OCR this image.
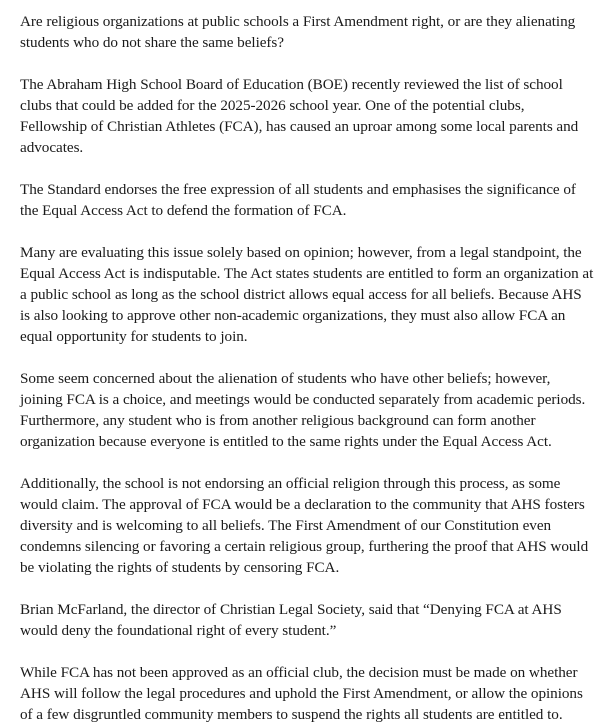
Are religious organizations at public schools a First Amendment right, or are they alienating students who do not share the same beliefs?

The Abraham High School Board of Education (BOE) recently reviewed the list of school clubs that could be added for the 2025-2026 school year. One of the potential clubs, Fellowship of Christian Athletes (FCA), has caused an uproar among some local parents and advocates.

The Standard endorses the free expression of all students and emphasises the significance of the Equal Access Act to defend the formation of FCA.

Many are evaluating this issue solely based on opinion; however, from a legal standpoint, the Equal Access Act is indisputable. The Act states students are entitled to form an organization at a public school as long as the school district allows equal access for all beliefs. Because AHS is also looking to approve other non-academic organizations, they must also allow FCA an equal opportunity for students to join.

Some seem concerned about the alienation of students who have other beliefs; however, joining FCA is a choice, and meetings would be conducted separately from academic periods. Furthermore, any student who is from another religious background can form another organization because everyone is entitled to the same rights under the Equal Access Act.

Additionally, the school is not endorsing an official religion through this process, as some would claim. The approval of FCA would be a declaration to the community that AHS fosters diversity and is welcoming to all beliefs. The First Amendment of our Constitution even condemns silencing or favoring a certain religious group, furthering the proof that AHS would be violating the rights of students by censoring FCA.

Brian McFarland, the director of Christian Legal Society, said that “Denying FCA at AHS would deny the foundational right of every student.”

While FCA has not been approved as an official club, the decision must be made on whether AHS will follow the legal procedures and uphold the First Amendment, or allow the opinions of a few disgruntled community members to suspend the rights all students are entitled to.
